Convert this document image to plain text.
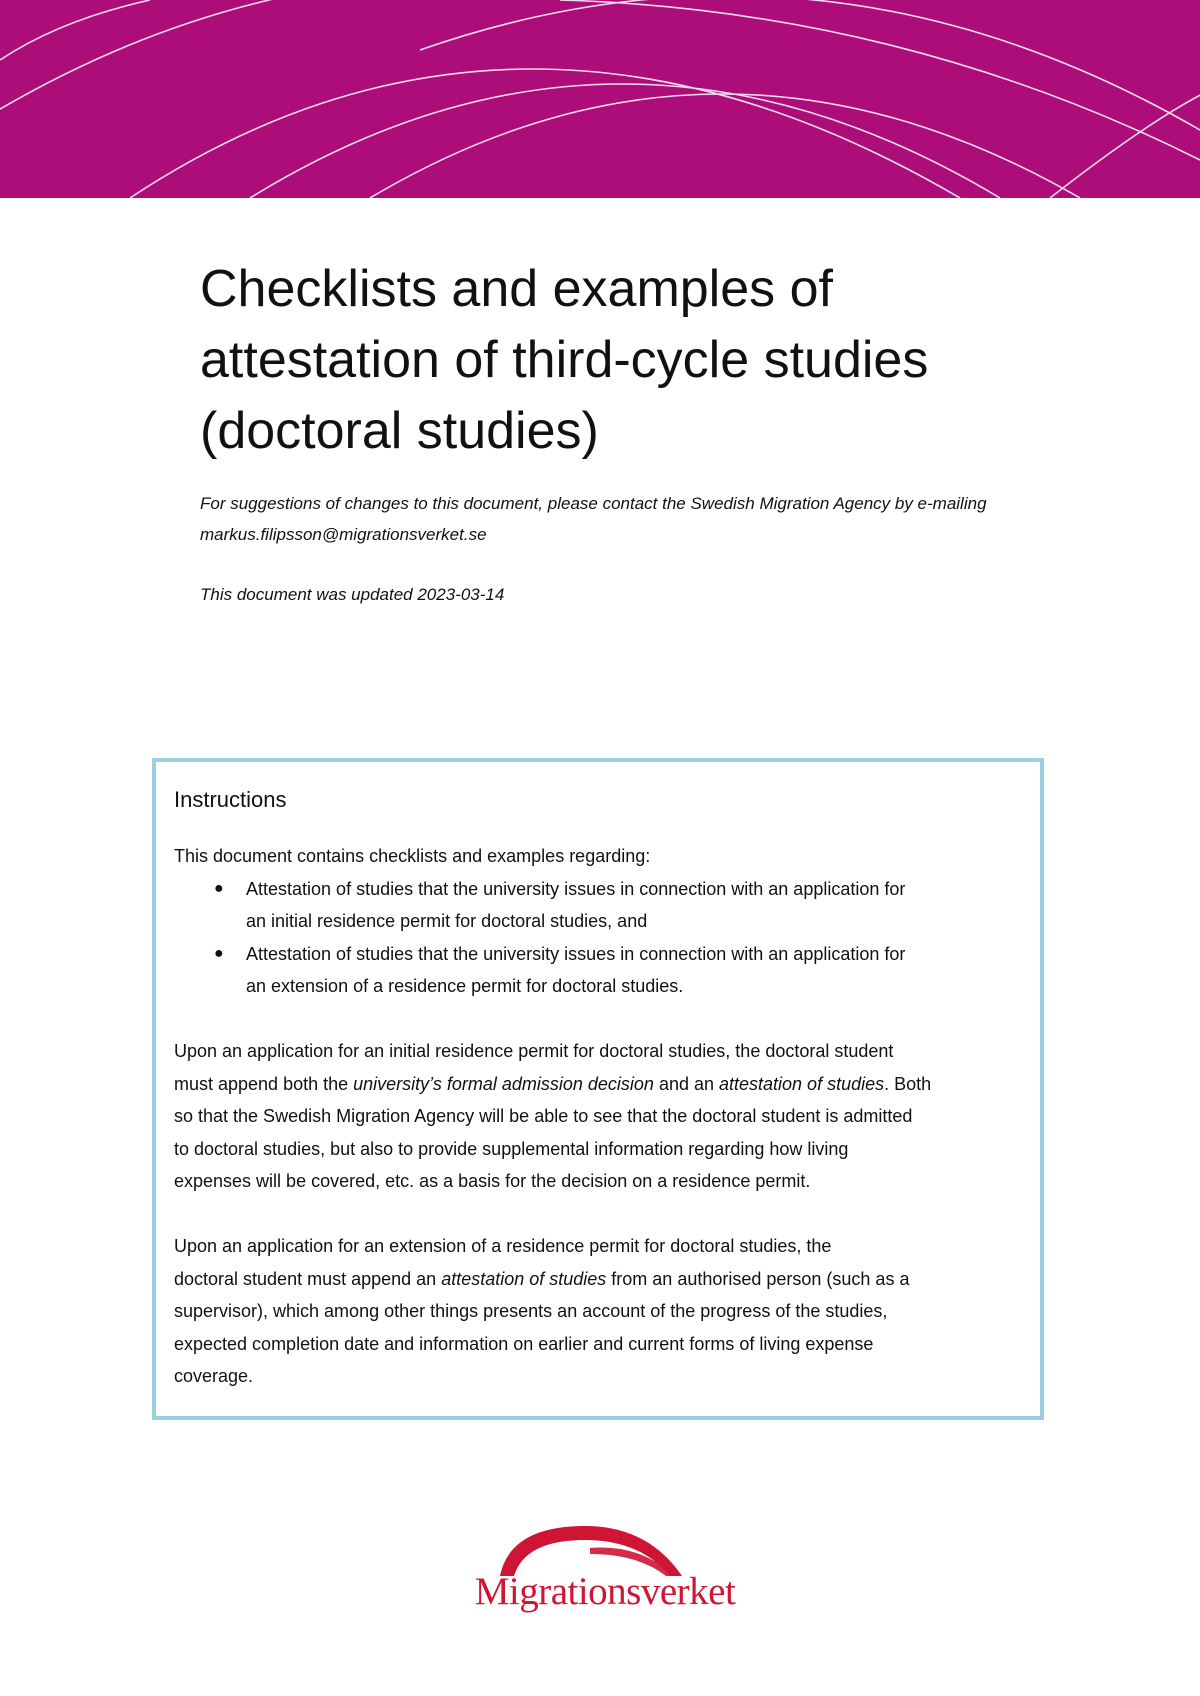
Checklists and examples of
attestation of third-cycle studies
(doctoral studies)
For suggestions of changes to this document, please contact the Swedish Migration Agency by e-mailing
markus.filipsson@migrationsverket.se
This document was updated 2023-03-14
Instructions
This document contains checklists and examples regarding:
● Attestation of studies that the university issues in connection with an application for
an initial residence permit for doctoral studies, and
● Attestation of studies that the university issues in connection with an application for
an extension of a residence permit for doctoral studies.
Upon an application for an initial residence permit for doctoral studies, the doctoral student
must append both the university’s formal admission decision and an attestation of studies. Both
so that the Swedish Migration Agency will be able to see that the doctoral student is admitted
to doctoral studies, but also to provide supplemental information regarding how living
expenses will be covered, etc. as a basis for the decision on a residence permit.
Upon an application for an extension of a residence permit for doctoral studies, the
doctoral student must append an attestation of studies from an authorised person (such as a
supervisor), which among other things presents an account of the progress of the studies,
expected completion date and information on earlier and current forms of living expense
coverage.
Migrationsverket
